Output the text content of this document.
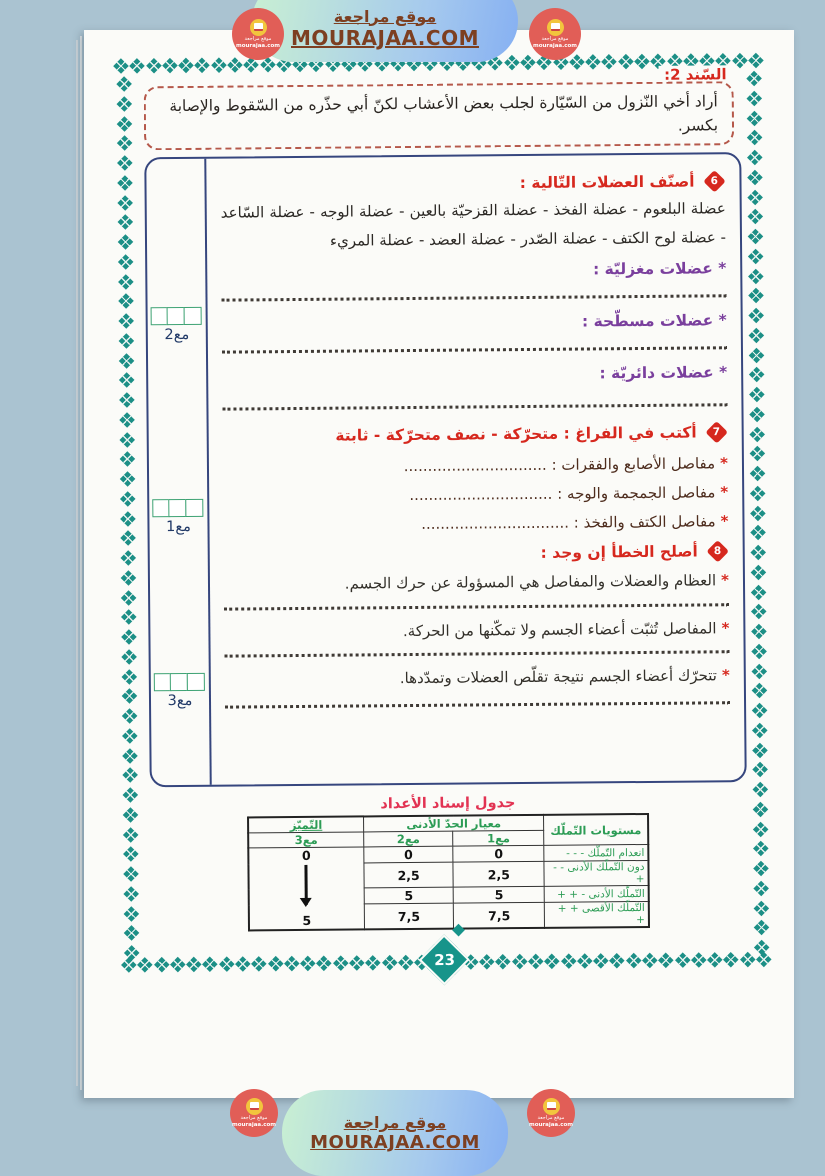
السّند 2:
أراد أخي النّزول من السّيّارة لجلب بعض الأعشاب لكنّ أبي حذّره من السّقوط والإصابة بكسر.
مع2
مع1
مع3
6
أصنّف العضلات التّالية :
عضلة البلعوم - عضلة الفخذ - عضلة القزحيّة بالعين - عضلة الوجه - عضلة السّاعد - عضلة لوح الكتف - عضلة الصّدر - عضلة العضد - عضلة المريء
* عضلات مغزليّة :
* عضلات مسطّحة :
* عضلات دائريّة :
7
أكتب في الفراغ : متحرّكة - نصف متحرّكة - ثابتة
*مفاصل الأصابع والفقرات : ..............................
*مفاصل الجمجمة والوجه : ..............................
*مفاصل الكتف والفخذ : ...............................
8
أصلح الخطأ إن وجد :
*العظام والعضلات والمفاصل هي المسؤولة عن حرك الجسم.
*المفاصل تُثبّت أعضاء الجسم ولا تمكّنها من الحركة.
*تتحرّك أعضاء الجسم نتيجة تقلّص العضلات وتمدّدها.
جدول إسناد الأعداد
مستويات التّملّك	معيار الحدّ الأدنى		التّميّز
	مع1	مع2	مع3
انعدام التّملّك - - -	0	0	0
5

دون التّملّك الأدنى - - +	2,5	2,5	
التّملّك الأدنى - + +	5	5	
التّملّك الأقصى + + +	7,5	7,5	
23
موقع مراجعة
MOURAJAA.COM
موقع مراجعة
mourajaa.com
موقع مراجعة
mourajaa.com
موقع مراجعة
MOURAJAA.COM
موقع مراجعة
mourajaa.com
موقع مراجعة
mourajaa.com
